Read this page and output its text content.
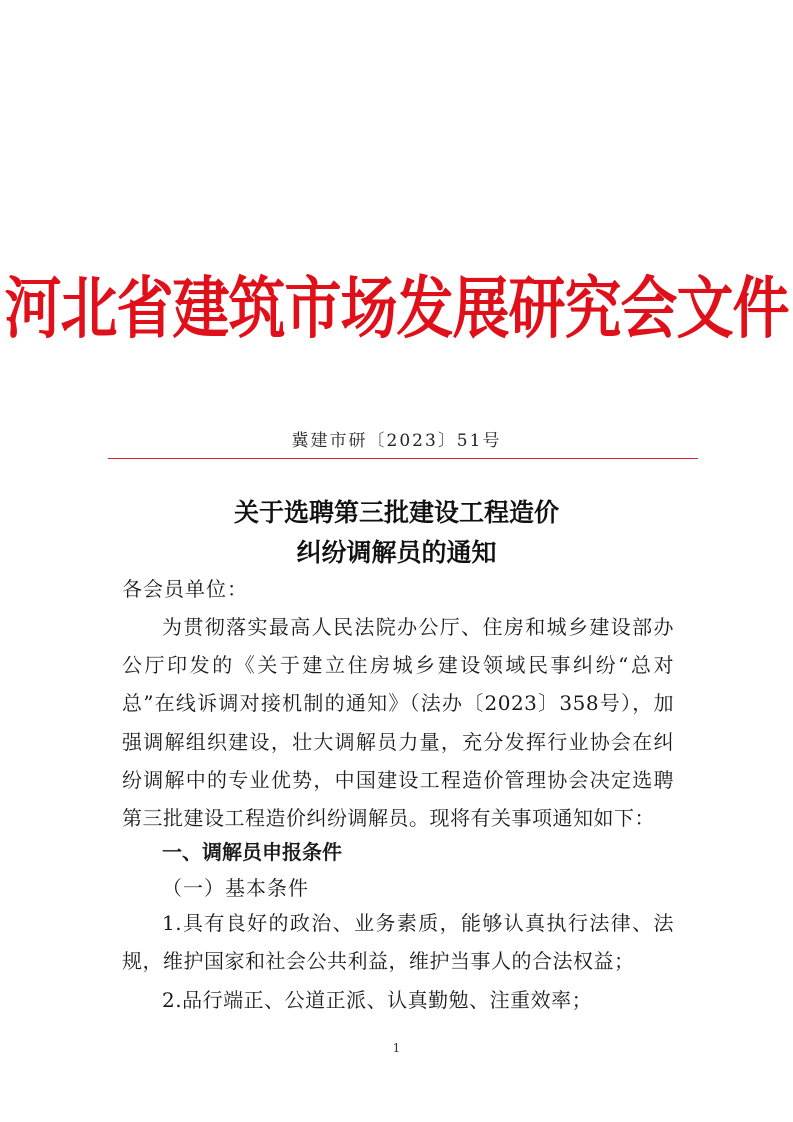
河北省建筑市场发展研究会文件
冀建市研〔2023〕51号
关于选聘第三批建设工程造价
纠纷调解员的通知
各会员单位：
为贯彻落实最高人民法院办公厅、住房和城乡建设部办公厅印发的《关于建立住房城乡建设领域民事纠纷“总对总”在线诉调对接机制的通知》（法办〔2023〕358号），加强调解组织建设，壮大调解员力量，充分发挥行业协会在纠纷调解中的专业优势，中国建设工程造价管理协会决定选聘第三批建设工程造价纠纷调解员。现将有关事项通知如下：
一、调解员申报条件
（一）基本条件
1.具有良好的政治、业务素质，能够认真执行法律、法规，维护国家和社会公共利益，维护当事人的合法权益；
2.品行端正、公道正派、认真勤勉、注重效率；
1
